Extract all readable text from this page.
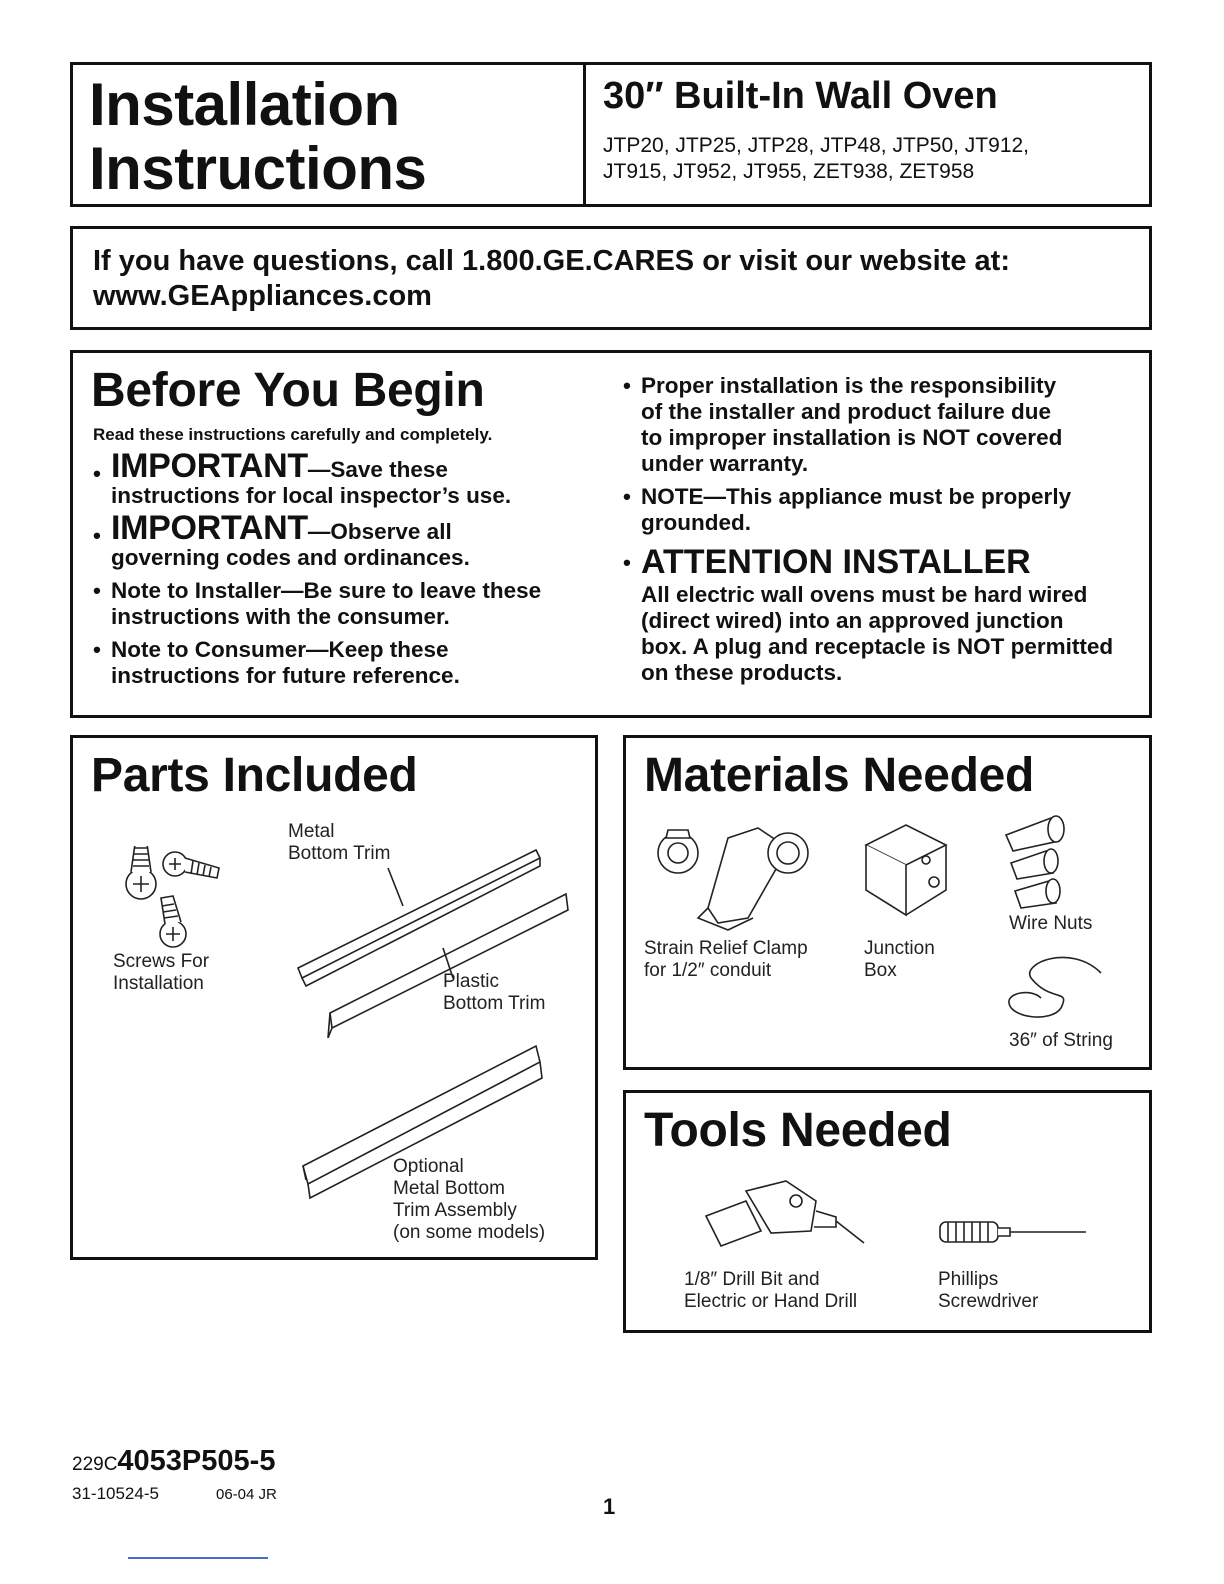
Installation
Instructions
30″ Built-In Wall Oven
JTP20, JTP25, JTP28, JTP48, JTP50, JT912,
JT915, JT952, JT955, ZET938, ZET958
If you have questions, call 1.800.GE.CARES or visit our website at:
www.GEAppliances.com
Before You Begin
Read these instructions carefully and completely.
• IMPORTANT—Save these
instructions for local inspector’s use.
• IMPORTANT—Observe all
governing codes and ordinances.
• Note to Installer—Be sure to leave these
instructions with the consumer.
• Note to Consumer—Keep these
instructions for future reference.
• Proper installation is the responsibility
of the installer and product failure due
to improper installation is NOT covered
under warranty.
• NOTE—This appliance must be properly
grounded.
• ATTENTION INSTALLER
All electric wall ovens must be hard wired
(direct wired) into an approved junction
box. A plug and receptacle is NOT permitted
on these products.
Parts Included
Screws For
Installation
Metal
Bottom Trim
Plastic
Bottom Trim
Optional
Metal Bottom
Trim Assembly
(on some models)
Materials Needed
Strain Relief Clamp
for 1/2″ conduit
Junction
Box
Wire Nuts
36″ of String
Tools Needed
1/8″ Drill Bit and
Electric or Hand Drill
Phillips
Screwdriver
229C4053P505-5
31-10524-5	06-04 JR	1
